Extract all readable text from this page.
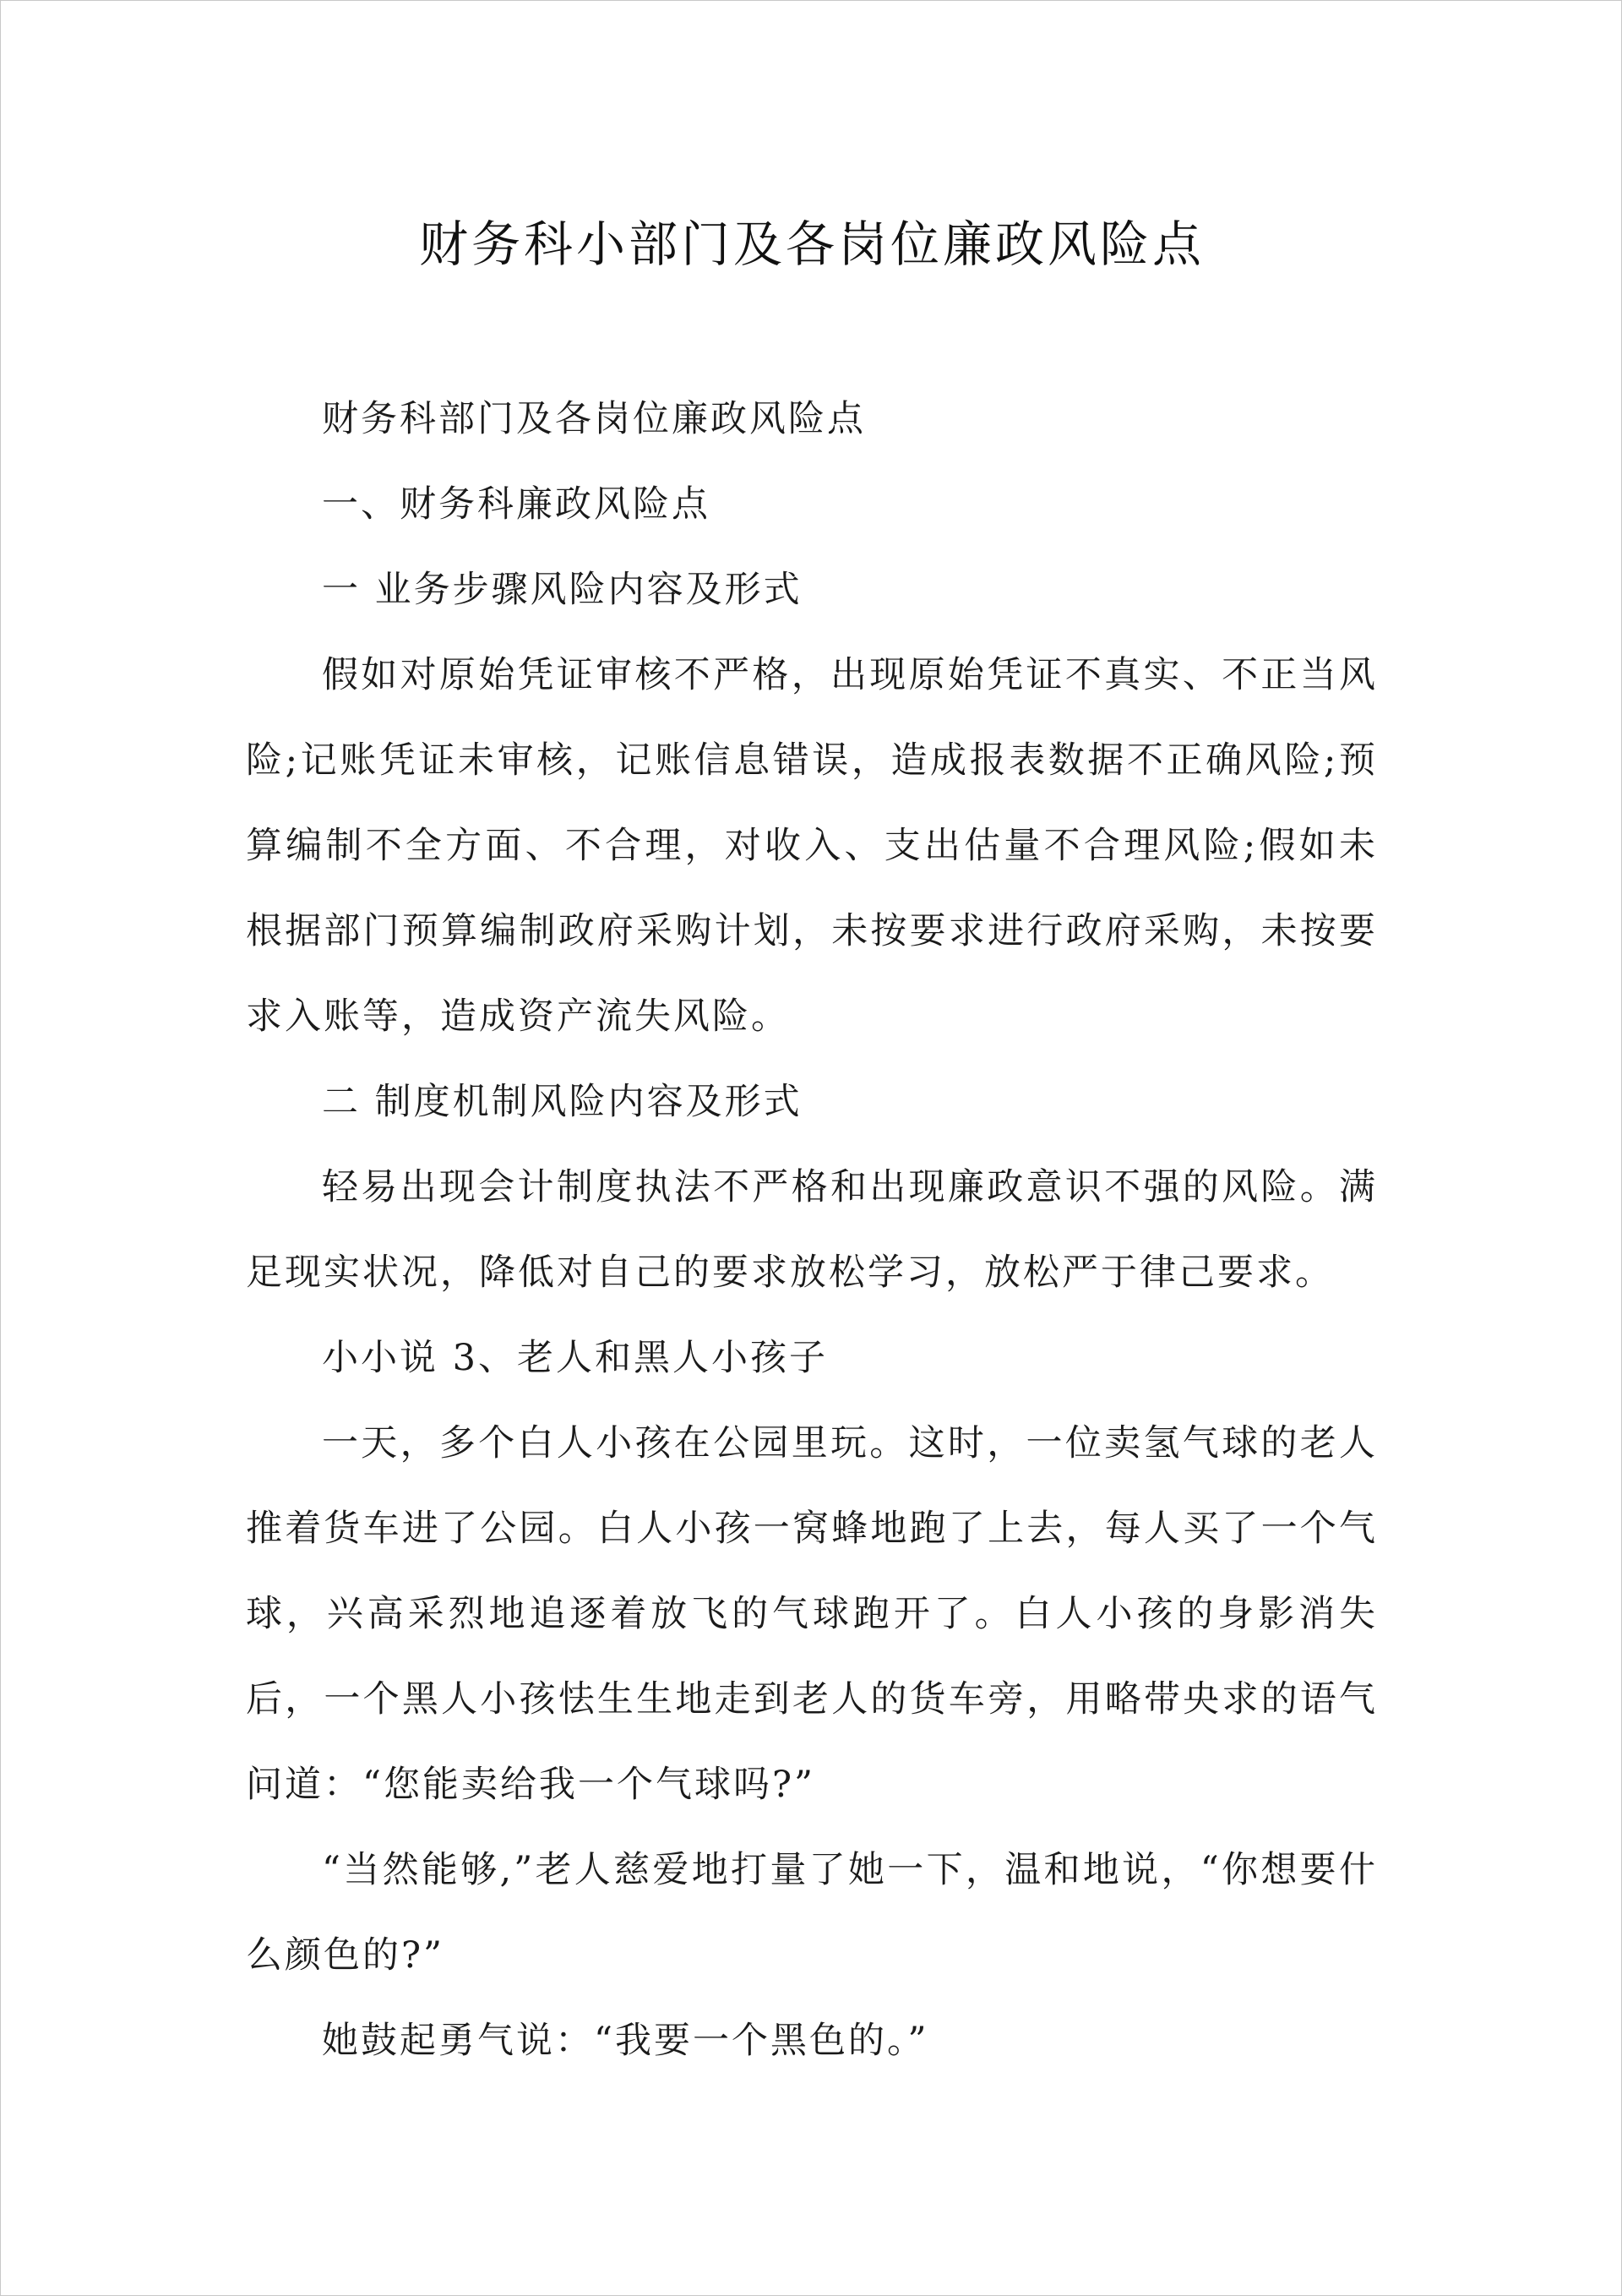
财务科小部门及各岗位廉政风险点

财务科部门及各岗位廉政风险点

一、财务科廉政风险点

一 业务步骤风险内容及形式

假如对原始凭证审核不严格，出现原始凭证不真实、不正当风险;记账凭证未审核，记账信息错误，造成报表数据不正确风险;预算编制不全方面、不合理，对收入、支出估量不合理风险;假如未根据部门预算编制政府采购计划，未按要求进行政府采购，未按要求入账等，造成资产流失风险。

二 制度机制风险内容及形式

轻易出现会计制度执法不严格和出现廉政意识不强的风险。满足现实状况，降低对自己的要求放松学习，放松严于律己要求。

小小说 3、老人和黑人小孩子

一天，多个白人小孩在公园里玩。这时，一位卖氢气球的老人推着货车进了公园。白人小孩一窝蜂地跑了上去，每人买了一个气球，兴高采烈地追逐着放飞的气球跑开了。白人小孩的身影消失后，一个黑人小孩怯生生地走到老人的货车旁，用略带央求的语气问道：“您能卖给我一个气球吗?”

“当然能够,”老人慈爱地打量了她一下，温和地说，“你想要什么颜色的?”

她鼓起勇气说：“我要一个黑色的。”
